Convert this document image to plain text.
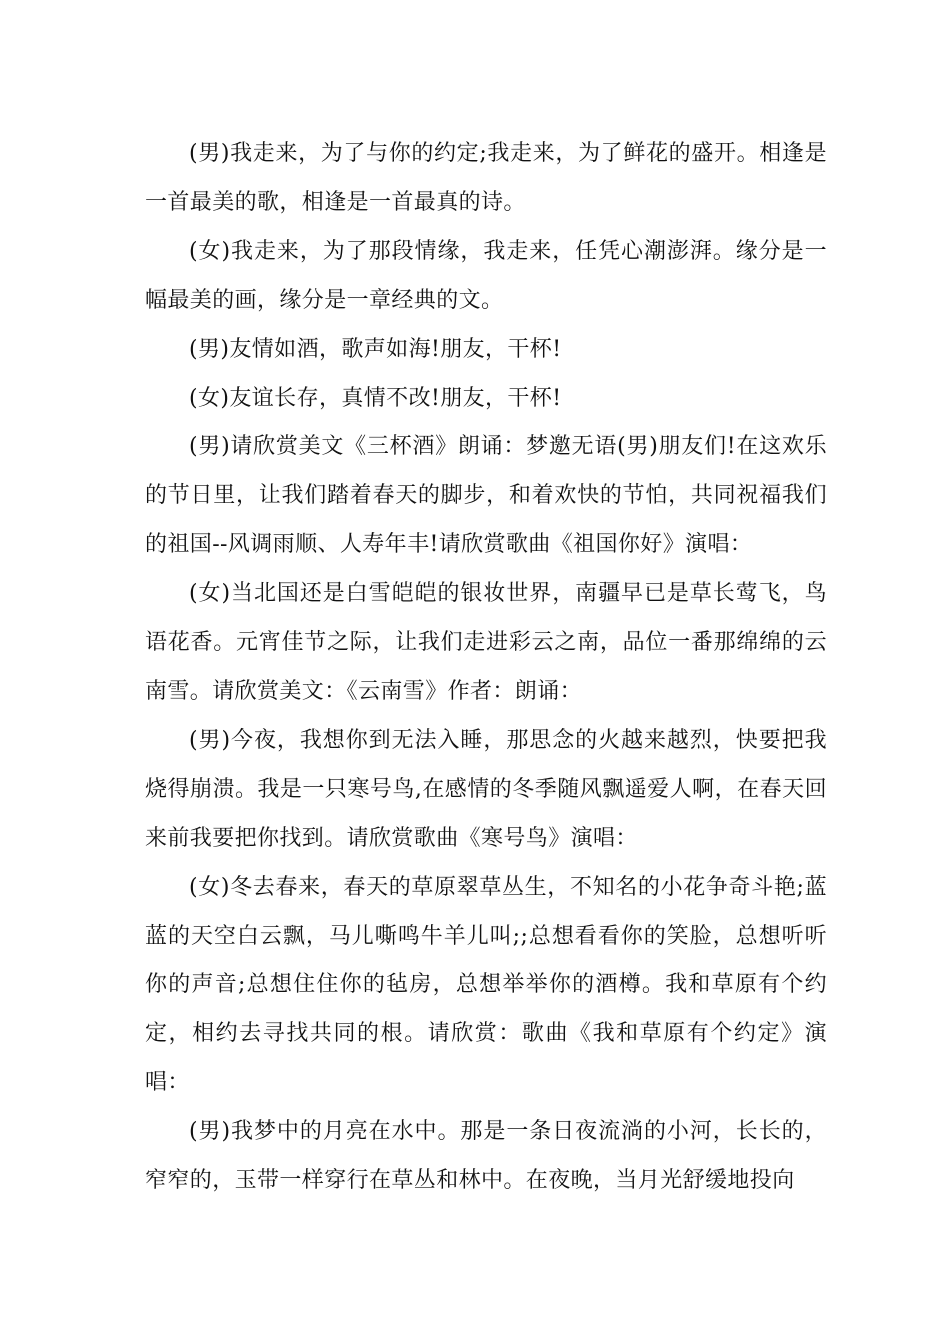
(男)我走来，为了与你的约定;我走来，为了鲜花的盛开。相逢是一首最美的歌，相逢是一首最真的诗。

(女)我走来，为了那段情缘，我走来，任凭心潮澎湃。缘分是一幅最美的画，缘分是一章经典的文。

(男)友情如酒，歌声如海!朋友，干杯!

(女)友谊长存，真情不改!朋友，干杯!

(男)请欣赏美文《三杯酒》朗诵：梦邀无语(男)朋友们!在这欢乐的节日里，让我们踏着春天的脚步，和着欢快的节怕，共同祝福我们的祖国--风调雨顺、人寿年丰!请欣赏歌曲《祖国你好》演唱：

(女)当北国还是白雪皑皑的银妆世界，南疆早已是草长莺飞，鸟语花香。元宵佳节之际，让我们走进彩云之南，品位一番那绵绵的云南雪。请欣赏美文：《云南雪》作者：朗诵：

(男)今夜，我想你到无法入睡，那思念的火越来越烈，快要把我烧得崩溃。我是一只寒号鸟,在感情的冬季随风飘遥爱人啊，在春天回来前我要把你找到。请欣赏歌曲《寒号鸟》演唱：

(女)冬去春来，春天的草原翠草丛生，不知名的小花争奇斗艳;蓝蓝的天空白云飘，马儿嘶鸣牛羊儿叫;;总想看看你的笑脸，总想听听你的声音;总想住住你的毡房，总想举举你的酒樽。我和草原有个约定，相约去寻找共同的根。请欣赏：歌曲《我和草原有个约定》演唱：

(男)我梦中的月亮在水中。那是一条日夜流淌的小河，长长的，窄窄的，玉带一样穿行在草丛和林中。在夜晚，当月光舒缓地投向
